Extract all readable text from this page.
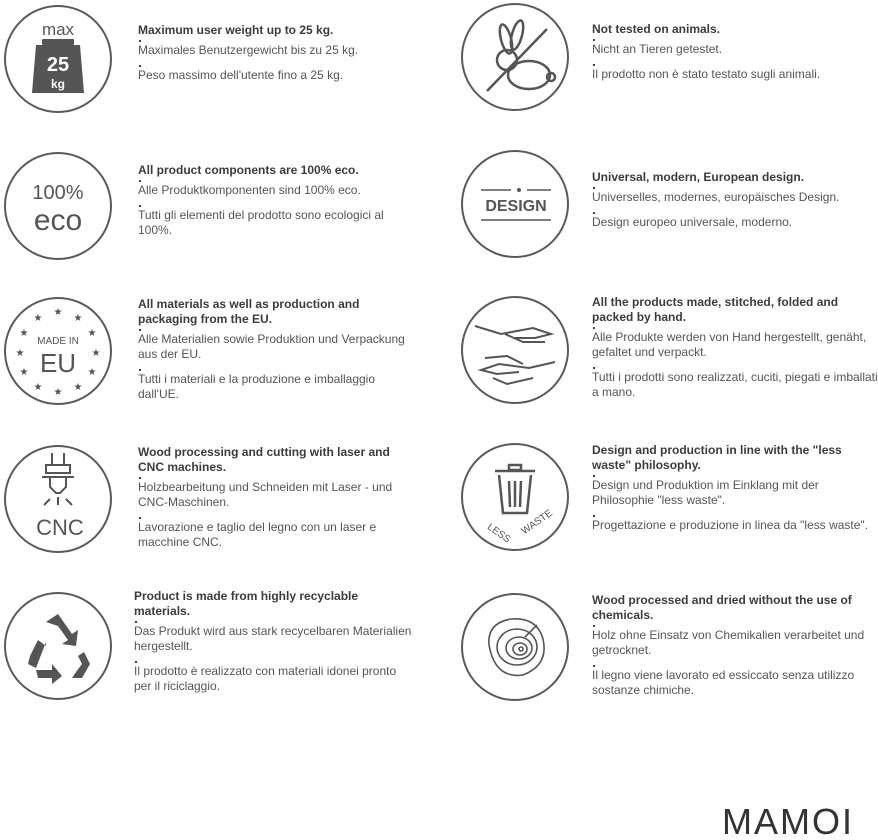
max
25
kg
Maximum user weight up to 25 kg.
Maximales Benutzergewicht bis zu 25 kg.
Peso massimo dell'utente fino a 25 kg.
Not tested on animals.
Nicht an Tieren getestet.
Il prodotto non è stato testato sugli animali.
100%
eco
All product components are 100% eco.
Alle Produktkomponenten sind 100% eco.
Tutti gli elementi del prodotto sono ecologici al 100%.
DESIGN
Universal, modern, European design.
Universelles, modernes, europäisches Design.
Design europeo universale, moderno.
★
★
★
★
★
★
★
★
★
★
★
★
MADE IN
EU
All materials as well as production and packaging from the EU.
Alle Materialien sowie Produktion und Verpackung aus der EU.
Tutti i materiali e la produzione e imballaggio dall'UE.
All the products made, stitched, folded and packed by hand.
Alle Produkte werden von Hand hergestellt, genäht, gefaltet und verpackt.
Tutti i prodotti sono realizzati, cuciti, piegati e imballati a mano.
CNC
Wood processing and cutting with laser and CNC machines.
Holzbearbeitung und Schneiden mit Laser - und CNC-Maschinen.
Lavorazione e taglio del legno con un laser e macchine CNC.	LESS WASTE
Design and production in line with the "less waste" philosophy.
Design und Produktion im Einklang mit der Philosophie "less waste".
Progettazione e produzione in linea da "less waste".
Product is made from highly recyclable materials.
Das Produkt wird aus stark recycelbaren Materialien hergestellt.
Il prodotto è realizzato con materiali idonei pronto per il riciclaggio.
Wood processed and dried without the use of chemicals.
Holz ohne Einsatz von Chemikalien verarbeitet und getrocknet.
Il legno viene lavorato ed essiccato senza utilizzo sostanze chimiche.
MAMOI
